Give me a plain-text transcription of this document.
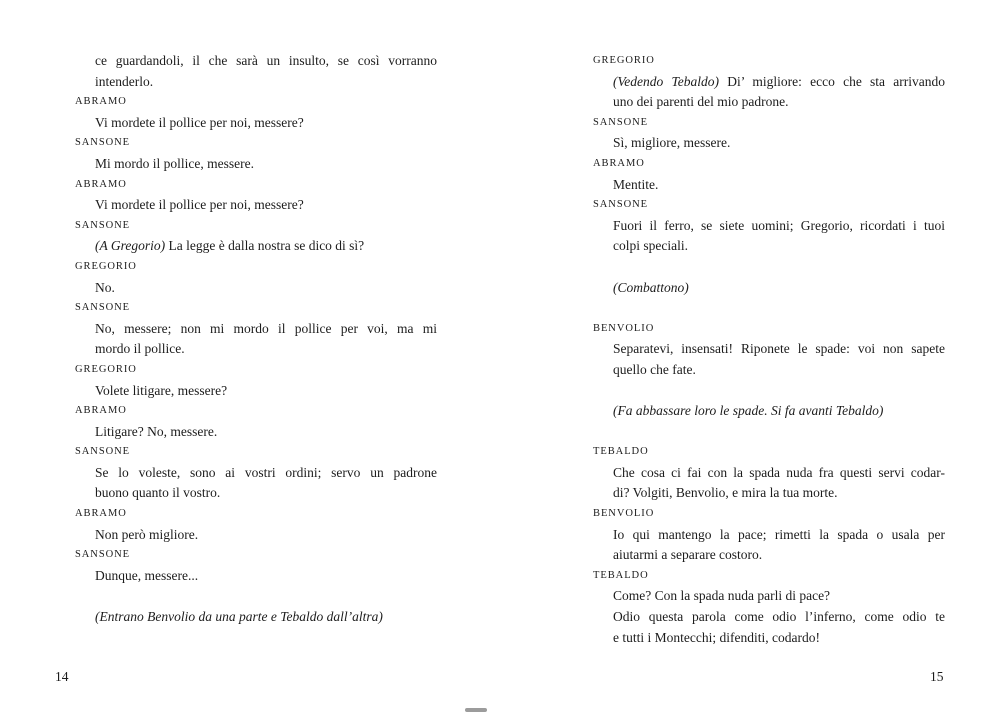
ce guardandoli, il che sarà un insulto, se così vorranno
intenderlo.
ABRAMO
Vi mordete il pollice per noi, messere?
SANSONE
Mi mordo il pollice, messere.
ABRAMO
Vi mordete il pollice per noi, messere?
SANSONE
(A Gregorio) La legge è dalla nostra se dico di sì?
GREGORIO
No.
SANSONE
No, messere; non mi mordo il pollice per voi, ma mi
mordo il pollice.
GREGORIO
Volete litigare, messere?
ABRAMO
Litigare? No, messere.
SANSONE
Se lo voleste, sono ai vostri ordini; servo un padrone
buono quanto il vostro.
ABRAMO
Non però migliore.
SANSONE
Dunque, messere...
(Entrano Benvolio da una parte e Tebaldo dall’altra)
14
GREGORIO
(Vedendo Tebaldo) Di’ migliore: ecco che sta arrivando
uno dei parenti del mio padrone.
SANSONE
Sì, migliore, messere.
ABRAMO
Mentite.
SANSONE
Fuori il ferro, se siete uomini; Gregorio, ricordati i tuoi
colpi speciali.
(Combattono)
BENVOLIO
Separatevi, insensati! Riponete le spade: voi non sapete
quello che fate.
(Fa abbassare loro le spade. Si fa avanti Tebaldo)
TEBALDO
Che cosa ci fai con la spada nuda fra questi servi codar-
di? Volgiti, Benvolio, e mira la tua morte.
BENVOLIO
Io qui mantengo la pace; rimetti la spada o usala per
aiutarmi a separare costoro.
TEBALDO
Come? Con la spada nuda parli di pace?
Odio questa parola come odio l’inferno, come odio te
e tutti i Montecchi; difenditi, codardo!
15
